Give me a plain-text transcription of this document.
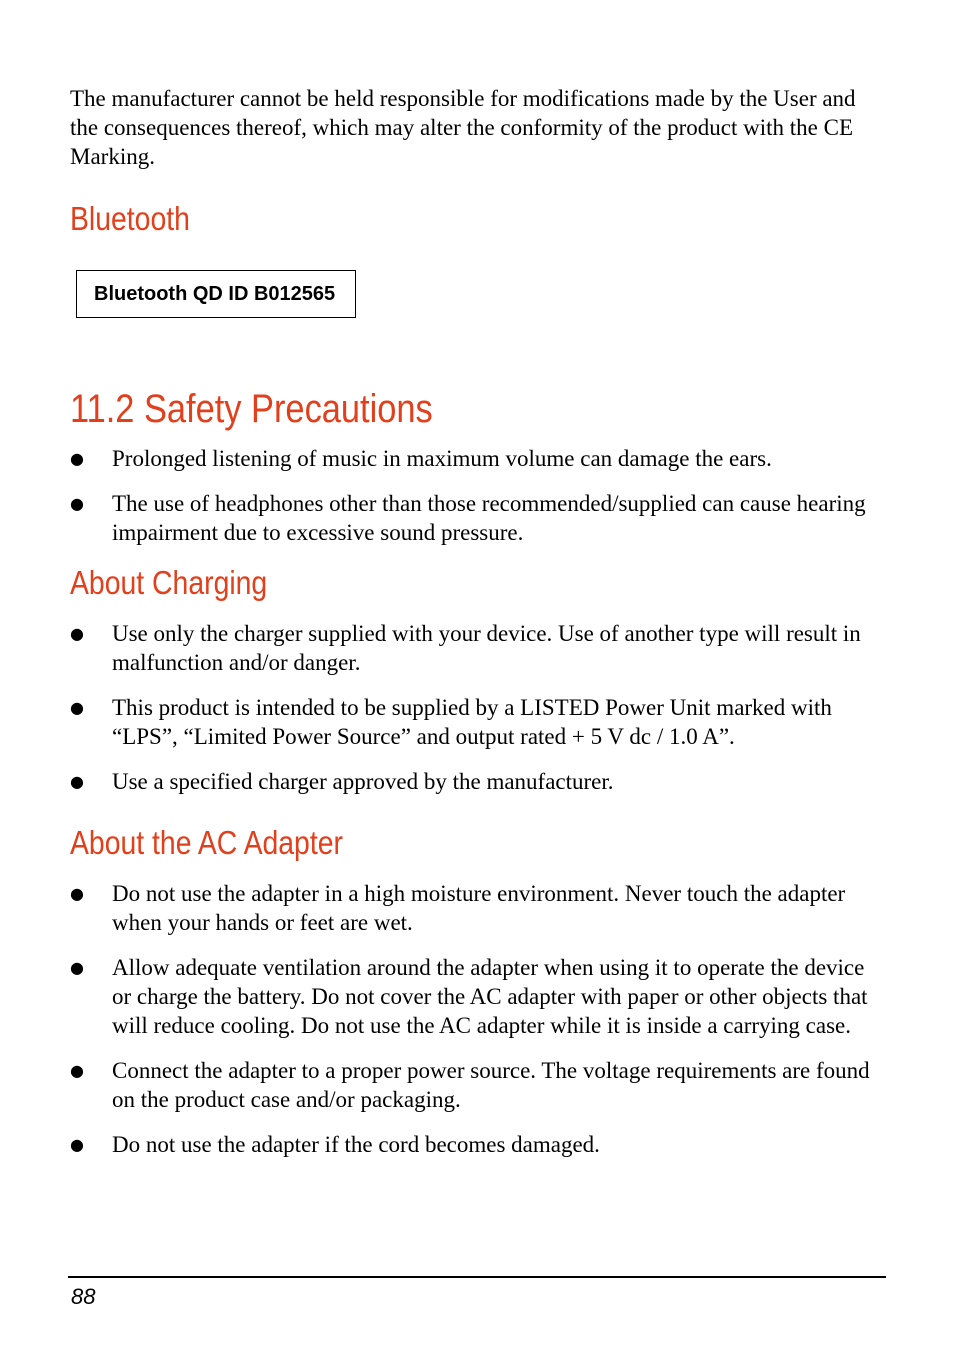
The manufacturer cannot be held responsible for modifications made by the User and the consequences thereof, which may alter the conformity of the product with the CE Marking.

Bluetooth
Bluetooth QD ID B012565
11.2 Safety Precautions
● Prolonged listening of music in maximum volume can damage the ears.
● The use of headphones other than those recommended/supplied can cause hearing impairment due to excessive sound pressure.
About Charging
● Use only the charger supplied with your device. Use of another type will result in malfunction and/or danger.
● This product is intended to be supplied by a LISTED Power Unit marked with “LPS”, “Limited Power Source” and output rated + 5 V dc / 1.0 A”.
● Use a specified charger approved by the manufacturer.
About the AC Adapter
● Do not use the adapter in a high moisture environment. Never touch the adapter when your hands or feet are wet.
● Allow adequate ventilation around the adapter when using it to operate the device or charge the battery. Do not cover the AC adapter with paper or other objects that will reduce cooling. Do not use the AC adapter while it is inside a carrying case.
● Connect the adapter to a proper power source. The voltage requirements are found on the product case and/or packaging.
● Do not use the adapter if the cord becomes damaged.
88
